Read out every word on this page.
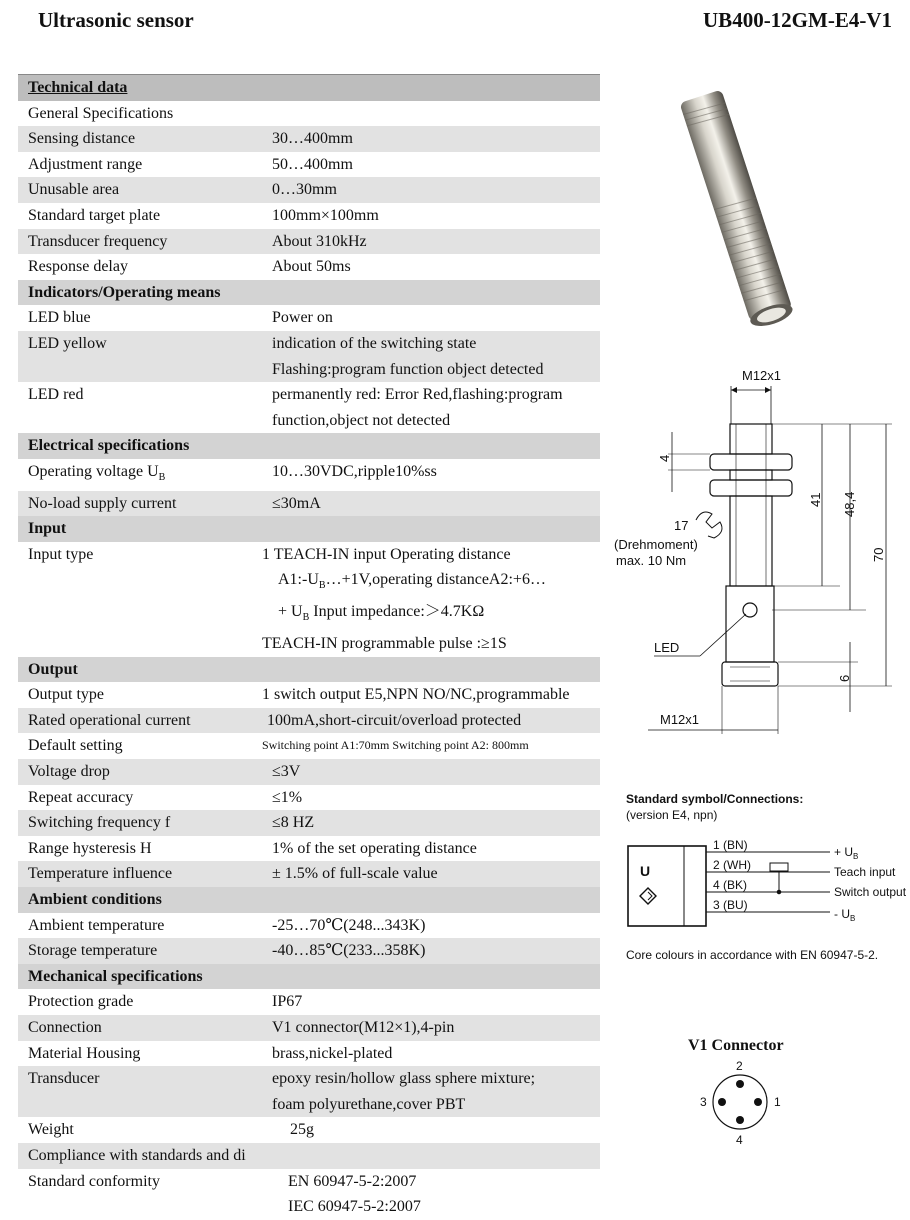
Ultrasonic sensor	UB400-12GM-E4-V1
Technical data
General Specifications
Sensing distance	30…400mm
Adjustment range	50…400mm
Unusable area	0…30mm
Standard target plate	100mm×100mm
Transducer frequency	About 310kHz
Response delay	About 50ms
Indicators/Operating means
LED blue	Power on
LED yellow	indication of the switching state
Flashing:program function object detected
LED red	permanently red: Error Red,flashing:program
function,object not detected
Electrical specifications
Operating voltage $U_B$	10…30VDC,ripple10%ss
No-load supply current	≤30mA
Input
Input type	1 TEACH-IN input Operating distance
$A1:-U_B\dots+1V,operating$ distanceA2:+6…
+ $U_B$ Input impedance:＞4.7KΩ
TEACH-IN programmable pulse :≥1S
Output
Output type	1 switch output E5,NPN NO/NC,programmable
Rated operational current	100mA,short-circuit/overload protected
Default setting	Switching point A1:70mm Switching point A2: 800mm
Voltage drop	≤3V
Repeat accuracy	≤1%
Switching frequency f	≤8 HZ
Range hysteresis H	1% of the set operating distance
Temperature influence	± 1.5% of full-scale value
Ambient conditions
Ambient temperature	-25…70℃(248...343K)
Storage temperature	-40…85℃(233...358K)
Mechanical specifications
Protection grade	IP67
Connection	V1 connector(M12×1),4-pin
Material Housing	brass,nickel-plated
Transducer	epoxy resin/hollow glass sphere mixture;
foam polyurethane,cover PBT
Weight	25g
Compliance with standards and di
Standard conformity	EN 60947-5-2:2007
IEC 60947-5-2:2007
M12x1
4
41 48,4
70
6
17
(Drehmoment)
max. 10 Nm
LED
M12x1
Standard symbol/Connections:
(version E4, npn)
U
1 (BN)
2 (WH)
4 (BK)
3 (BU)
+ $U_B$
Teach input
Switch output
- $U_B$
Core colours in accordance with EN 60947-5-2.
V1 Connector
2
3	1
4
